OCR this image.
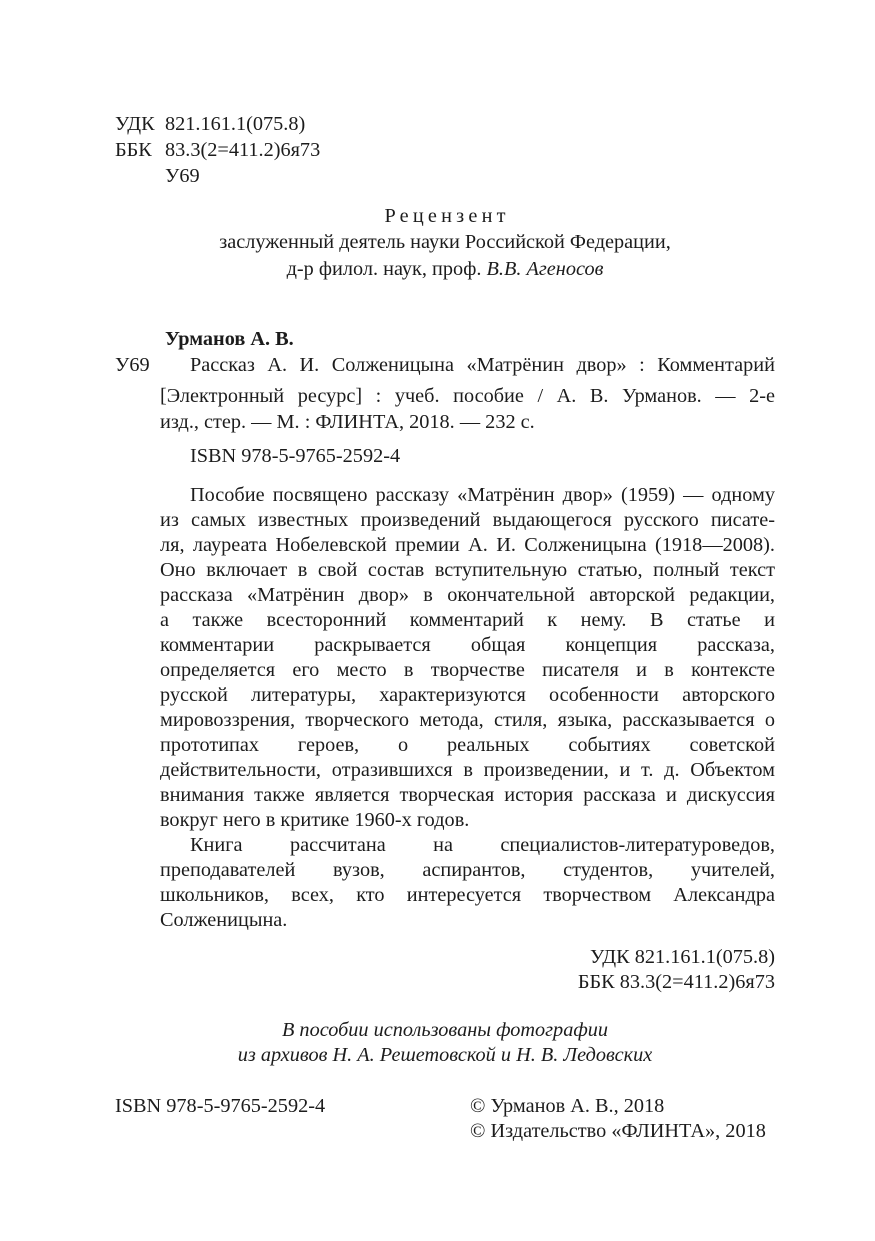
УДК 821.161.1(075.8)
ББК 83.3(2=411.2)6я73
У69
Рецензент
заслуженный деятель науки Российской Федерации,
д-р филол. наук, проф. В.В. Агеносов
Урманов А. В.
У69 Рассказ А. И. Солженицына «Матрёнин двор» : Комментарий
[Электронный ресурс] : учеб. пособие / А. В. Урманов. — 2-е
изд., стер. — М. : ФЛИНТА, 2018. — 232 с.
ISBN 978-5-9765-2592-4
Пособие посвящено рассказу «Матрёнин двор» (1959) — одному
из самых известных произведений выдающегося русского писате-
ля, лауреата Нобелевской премии А. И. Солженицына (1918—2008).
Оно включает в свой состав вступительную статью, полный текст
рассказа «Матрёнин двор» в окончательной авторской редакции,
а также всесторонний комментарий к нему. В статье и
комментарии раскрывается общая концепция рассказа,
определяется его место в творчестве писателя и в контексте
русской литературы, характеризуются особенности авторского
мировоззрения, творческого метода, стиля, языка, рассказывается о
прототипах героев, о реальных событиях советской
действительности, отразившихся в произведении, и т. д. Объектом
внимания также является творческая история рассказа и дискуссия
вокруг него в критике 1960-х годов.
Книга рассчитана на специалистов-литературоведов,
преподавателей вузов, аспирантов, студентов, учителей,
школьников, всех, кто интересуется творчеством Александра
Солженицына.
УДК 821.161.1(075.8)
ББК 83.3(2=411.2)6я73
В пособии использованы фотографии
из архивов Н. А. Решетовской и Н. В. Ледовских
ISBN 978-5-9765-2592-4	© Урманов А. В., 2018
© Издательство «ФЛИНТА», 2018
